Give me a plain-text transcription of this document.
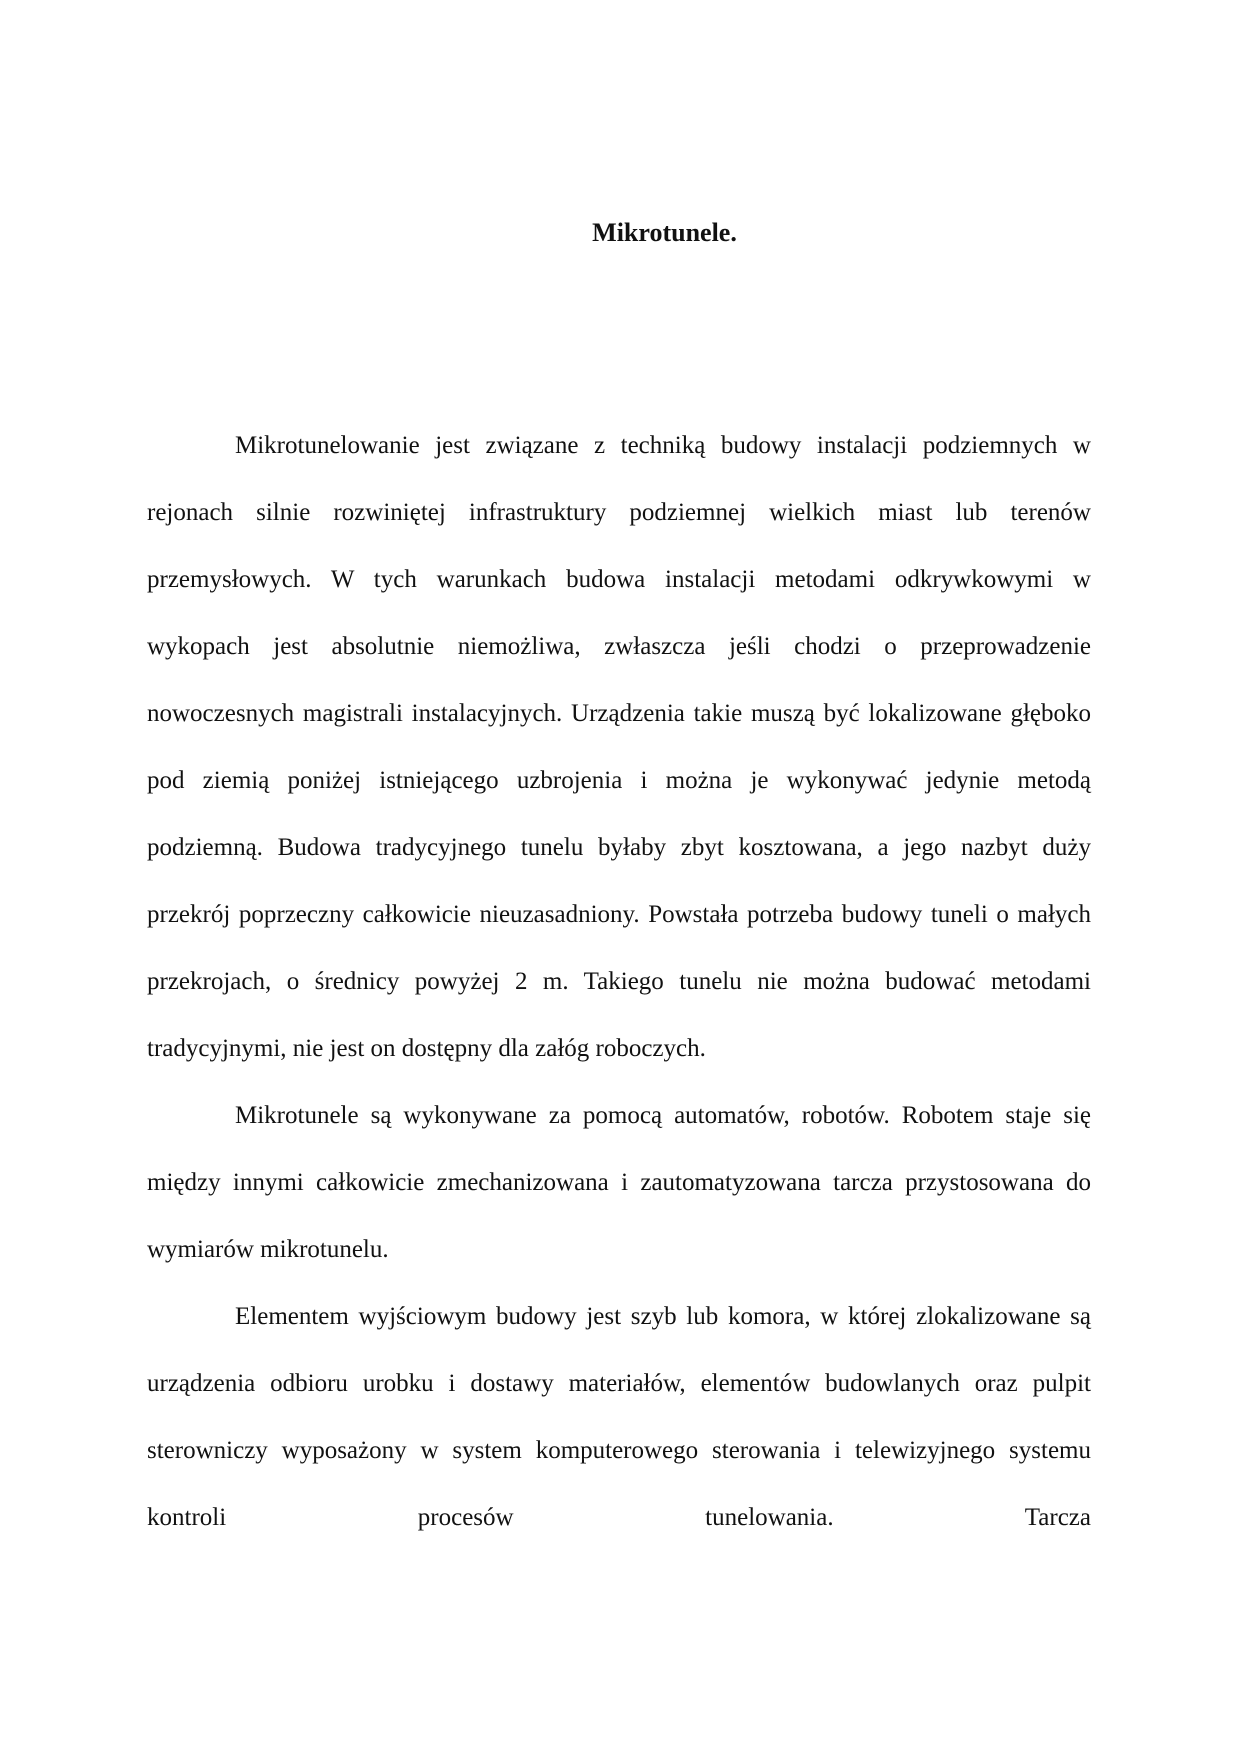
Mikrotunele.

Mikrotunelowanie jest związane z techniką budowy instalacji podziemnych w rejonach silnie rozwiniętej infrastruktury podziemnej wielkich miast lub terenów przemysłowych. W tych warunkach budowa instalacji metodami odkrywkowymi w wykopach jest absolutnie niemożliwa, zwłaszcza jeśli chodzi o przeprowadzenie nowoczesnych magistrali instalacyjnych. Urządzenia takie muszą być lokalizowane głęboko pod ziemią poniżej istniejącego uzbrojenia i można je wykonywać jedynie metodą podziemną. Budowa tradycyjnego tunelu byłaby zbyt kosztowana, a jego nazbyt duży przekrój poprzeczny całkowicie nieuzasadniony. Powstała potrzeba budowy tuneli o małych przekrojach, o średnicy powyżej 2 m. Takiego tunelu nie można budować metodami tradycyjnymi, nie jest on dostępny dla załóg roboczych.

Mikrotunele są wykonywane za pomocą automatów, robotów. Robotem staje się między innymi całkowicie zmechanizowana i zautomatyzowana tarcza przystosowana do wymiarów mikrotunelu.

Elementem wyjściowym budowy jest szyb lub komora, w której zlokalizowane są urządzenia odbioru urobku i dostawy materiałów, elementów budowlanych oraz pulpit sterowniczy wyposażony w system komputerowego sterowania i telewizyjnego systemu kontroli procesów tunelowania. Tarcza
